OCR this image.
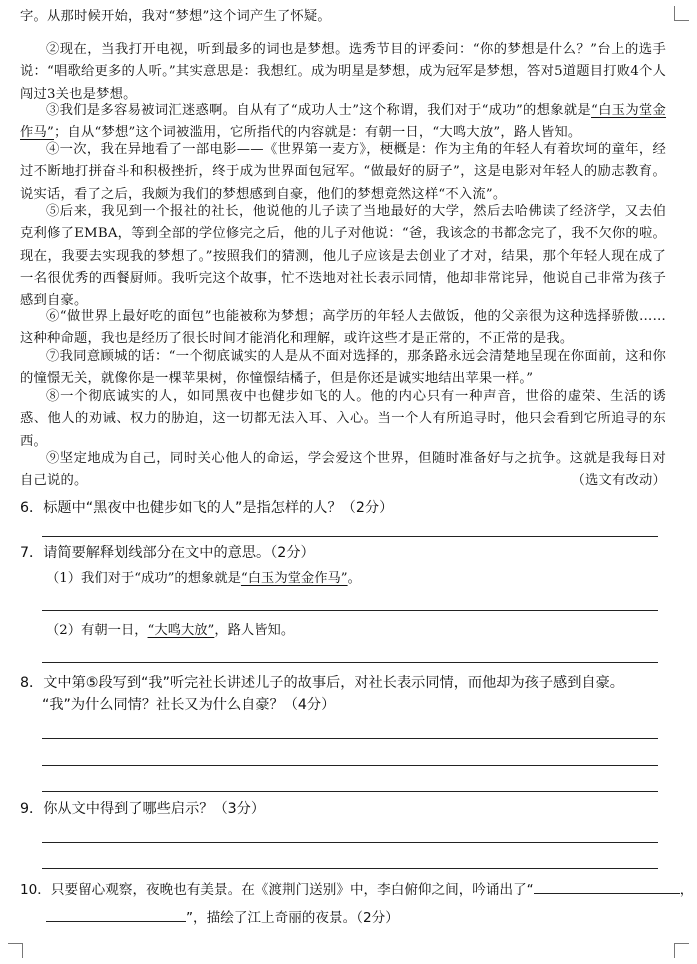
字。从那时候开始，我对“梦想”这个词产生了怀疑。
②现在，当我打开电视，听到最多的词也是梦想。选秀节目的评委问：“你的梦想是什么？”台上的选手说：“唱歌给更多的人听。”其实意思是：我想红。成为明星是梦想，成为冠军是梦想，答对5道题目打败4个人闯过3关也是梦想。
③我们是多容易被词汇迷惑啊。自从有了“成功人士”这个称谓，我们对于“成功”的想象就是“白玉为堂金作马”；自从“梦想”这个词被滥用，它所指代的内容就是：有朝一日，“大鸣大放”，路人皆知。
④一次，我在异地看了一部电影——《世界第一麦方》，梗概是：作为主角的年轻人有着坎坷的童年，经过不断地打拼奋斗和积极挫折，终于成为世界面包冠军。“做最好的厨子”，这是电影对年轻人的励志教育。说实话，看了之后，我颇为我们的梦想感到自豪，他们的梦想竟然这样“不入流”。
⑤后来，我见到一个报社的社长，他说他的儿子读了当地最好的大学，然后去哈佛读了经济学，又去伯克利修了EMBA，等到全部的学位修完之后，他的儿子对他说：“爸，我该念的书都念完了，我不欠你的啦。现在，我要去实现我的梦想了。”按照我们的猜测，他儿子应该是去创业了才对，结果，那个年轻人现在成了一名很优秀的西餐厨师。我听完这个故事，忙不迭地对社长表示同情，他却非常诧异，他说自己非常为孩子感到自豪。
⑥“做世界上最好吃的面包”也能被称为梦想；高学历的年轻人去做饭，他的父亲很为这种选择骄傲……这种种命题，我也是经历了很长时间才能消化和理解，或许这些才是正常的，不正常的是我。
⑦我同意顾城的话：“一个彻底诚实的人是从不面对选择的，那条路永远会清楚地呈现在你面前，这和你的憧憬无关，就像你是一棵苹果树，你憧憬结橘子，但是你还是诚实地结出苹果一样。”
⑧一个彻底诚实的人，如同黑夜中也健步如飞的人。他的内心只有一种声音，世俗的虚荣、生活的诱惑、他人的劝诫、权力的胁迫，这一切都无法入耳、入心。当一个人有所追寻时，他只会看到它所追寻的东西。
⑨坚定地成为自己，同时关心他人的命运，学会爱这个世界，但随时准备好与之抗争。这就是我每日对自己说的。	（选文有改动）
6．标题中“黑夜中也健步如飞的人”是指怎样的人？（2分）
7．请简要解释划线部分在文中的意思。（2分）
（1）我们对于“成功”的想象就是“白玉为堂金作马”。
（2）有朝一日，“大鸣大放”，路人皆知。
8．文中第⑤段写到“我”听完社长讲述儿子的故事后，对社长表示同情，而他却为孩子感到自豪。
“我”为什么同情？社长又为什么自豪？（4分）
9．你从文中得到了哪些启示？（3分）
10．只要留心观察，夜晚也有美景。在《渡荆门送别》中，李白俯仰之间，吟诵出了“	，
”，描绘了江上奇丽的夜景。（2分）
